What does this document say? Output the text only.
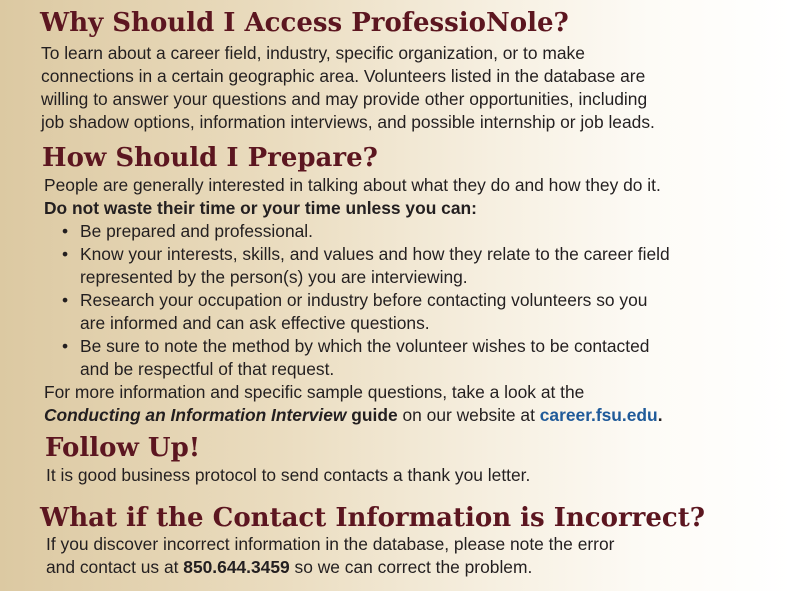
Why Should I Access ProfessioNole?
To learn about a career field, industry, specific organization, or to make
connections in a certain geographic area. Volunteers listed in the database are
willing to answer your questions and may provide other opportunities, including
job shadow options, information interviews, and possible internship or job leads.
How Should I Prepare?
People are generally interested in talking about what they do and how they do it.
Do not waste their time or your time unless you can:
• Be prepared and professional.
• Know your interests, skills, and values and how they relate to the career field
represented by the person(s) you are interviewing.
• Research your occupation or industry before contacting volunteers so you
are informed and can ask effective questions.
• Be sure to note the method by which the volunteer wishes to be contacted
and be respectful of that request.
For more information and specific sample questions, take a look at the
Conducting an Information Interview guide on our website at career.fsu.edu.
Follow Up!
It is good business protocol to send contacts a thank you letter.
What if the Contact Information is Incorrect?
If you discover incorrect information in the database, please note the error
and contact us at 850.644.3459 so we can correct the problem.
